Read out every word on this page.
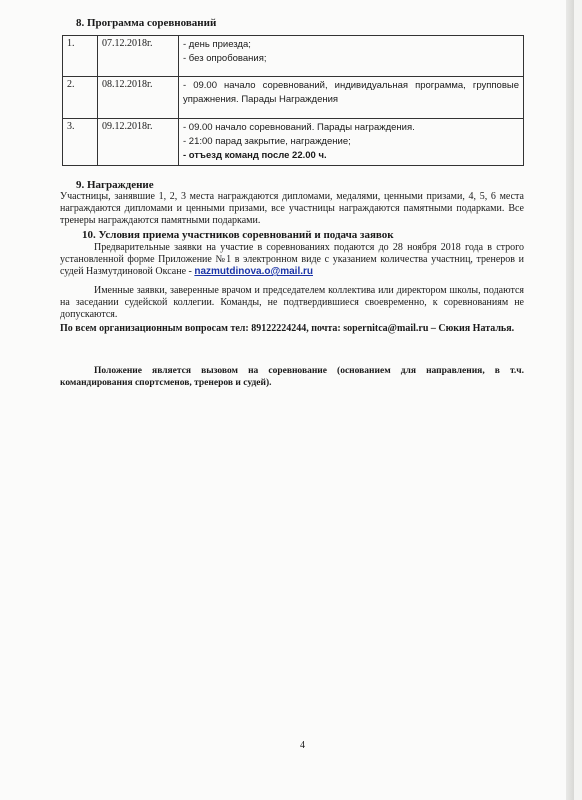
8. Программа соревнований
1.	07.12.2018г.	- день приезда;
- без опробования;

2.	08.12.2018г.	- 09.00 начало соревнований, индивидуальная программа, групповые упражнения. Парады Награждения

3.	09.12.2018г.	- 09.00 начало соревнований. Парады награждения.
- 21:00 парад закрытие, награждение;
- отъезд команд после 22.00 ч.
9. Награждение
Участницы, занявшие 1, 2, 3 места награждаются дипломами, медалями, ценными призами, 4, 5, 6 места награждаются дипломами и ценными призами, все участницы награждаются памятными подарками. Все тренеры награждаются памятными подарками.
10. Условия приема участников соревнований и подача заявок
Предварительные заявки на участие в соревнованиях подаются до 28 ноября 2018 года в строго установленной форме Приложение №1 в электронном виде с указанием количества участниц, тренеров и судей Назмутдиновой Оксане - nazmutdinova.o@mail.ru
Именные заявки, заверенные врачом и председателем коллектива или директором школы, подаются на заседании судейской коллегии. Команды, не подтвердившиеся своевременно, к соревнованиям не допускаются.
По всем организационным вопросам тел: 89122224244, почта: sopernitca@mail.ru – Сюкия Наталья.
Положение является вызовом на соревнование (основанием для направления, в т.ч. командирования спортсменов, тренеров и судей).
4
